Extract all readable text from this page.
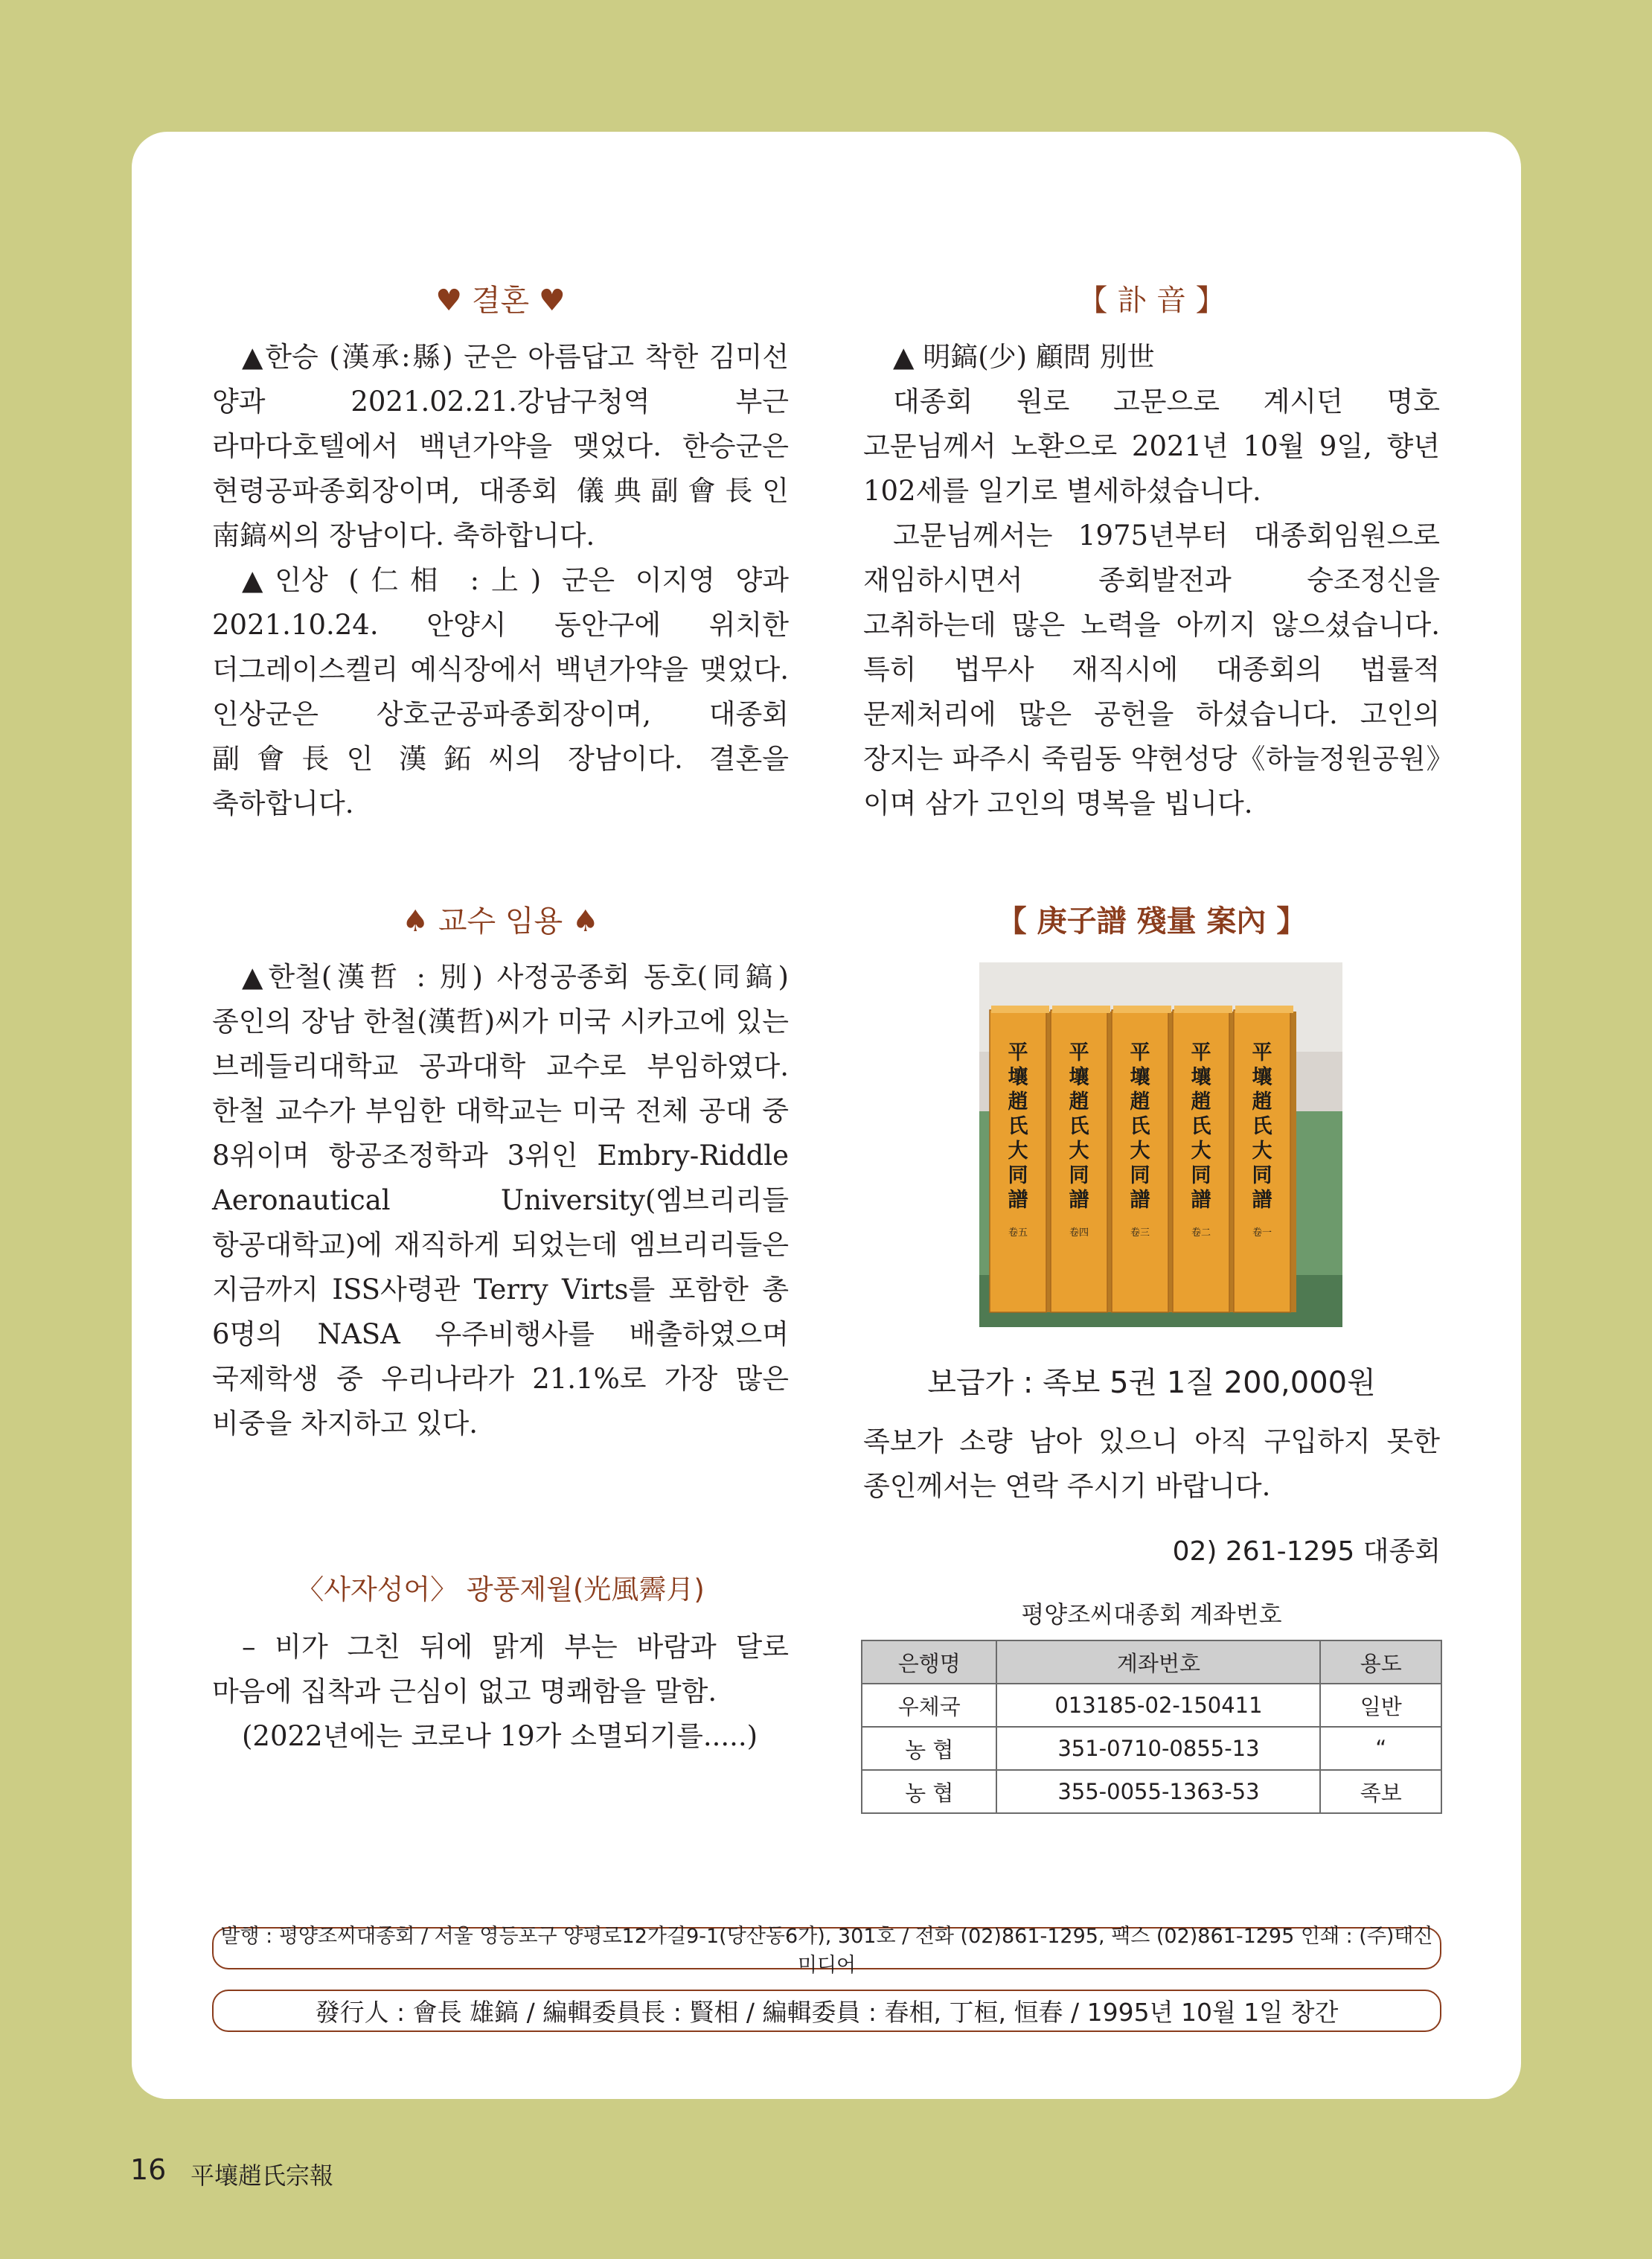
♥ 결혼 ♥

▲한승 (漢承:縣) 군은 아름답고 착한 김미선 양과 2021.02.21.강남구청역 부근 라마다호텔에서 백년가약을 맺었다. 한승군은 현령공파종회장이며, 대종회 儀典副會長인 南鎬씨의 장남이다. 축하합니다.

▲인상 (仁相 :上) 군은 이지영 양과 2021.10.24. 안양시 동안구에 위치한 더그레이스켈리 예식장에서 백년가약을 맺었다. 인상군은 상호군공파종회장이며, 대종회 副會長인 漢鉐씨의 장남이다. 결혼을 축하합니다.

♠ 교수 임용 ♠

▲한철(漢哲 : 別) 사정공종회 동호(同鎬) 종인의 장남 한철(漢哲)씨가 미국 시카고에 있는 브레들리대학교 공과대학 교수로 부임하였다. 한철 교수가 부임한 대학교는 미국 전체 공대 중 8위이며 항공조정학과 3위인 Embry-Riddle Aeronautical University(엠브리리들 항공대학교)에 재직하게 되었는데 엠브리리들은 지금까지 ISS사령관 Terry Virts를 포함한 총 6명의 NASA 우주비행사를 배출하였으며 국제학생 중 우리나라가 21.1%로 가장 많은 비중을 차지하고 있다.

〈사자성어〉 광풍제월(光風霽月)

– 비가 그친 뒤에 맑게 부는 바람과 달로 마음에 집착과 근심이 없고 명쾌함을 말함.

(2022년에는 코로나 19가 소멸되기를.....)

【 訃 音 】

▲ 明鎬(少) 顧問 別世

대종회 원로 고문으로 계시던 명호 고문님께서 노환으로 2021년 10월 9일, 향년 102세를 일기로 별세하셨습니다.

고문님께서는 1975년부터 대종회임원으로 재임하시면서 종회발전과 숭조정신을 고취하는데 많은 노력을 아끼지 않으셨습니다. 특히 법무사 재직시에 대종회의 법률적 문제처리에 많은 공헌을 하셨습니다. 고인의 장지는 파주시 죽림동 약현성당《하늘정원공원》이며 삼가 고인의 명복을 빕니다.

【 庚子譜 殘量 案內 】
平
壤
趙
氏
大
同
譜
卷五
平
壤
趙
氏
大
同
譜
卷四
平
壤
趙
氏
大
同
譜
卷三
平
壤
趙
氏
大
同
譜
卷二
平
壤
趙
氏
大
同
譜
卷一
보급가 : 족보 5권 1질 200,000원

족보가 소량 남아 있으니 아직 구입하지 못한 종인께서는 연락 주시기 바랍니다.

02) 261-1295 대종회
평양조씨대종회 계좌번호
은행명	계좌번호	용도
우체국	013185-02-150411	일반
농 협	351-0710-0855-13	“
농 협	355-0055-1363-53	족보
발행 : 평양조씨대종회 / 서울 영등포구 양평로12가길9-1(당산동6가), 301호 / 전화 (02)861-1295, 팩스 (02)861-1295 인쇄 : (주)태신미디어
發行人 : 會長 雄鎬 / 編輯委員長 : 賢相 / 編輯委員 : 春相, 丁桓, 恒春 / 1995년 10월 1일 창간
16 平壤趙氏宗報
